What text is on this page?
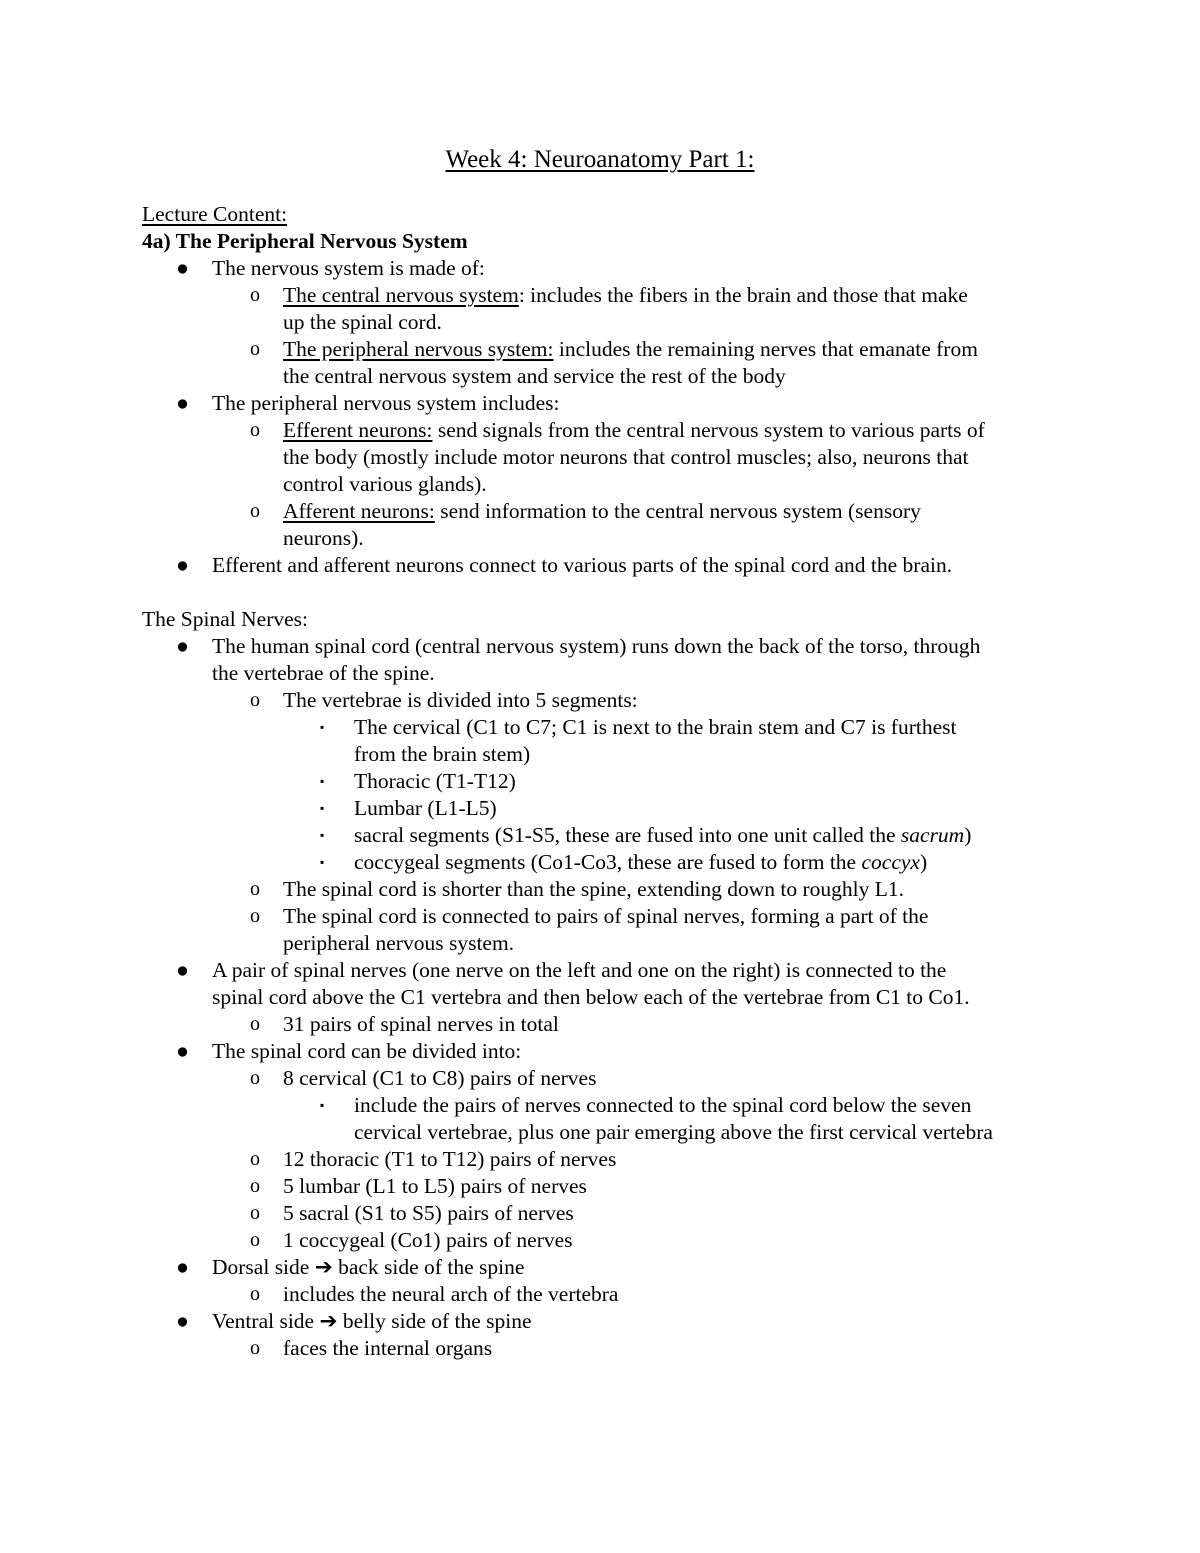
Week 4: Neuroanatomy Part 1:
Lecture Content:
4a) The Peripheral Nervous System
● The nervous system is made of:
o The central nervous system: includes the fibers in the brain and those that make
up the spinal cord.
o The peripheral nervous system: includes the remaining nerves that emanate from
the central nervous system and service the rest of the body
● The peripheral nervous system includes:
o Efferent neurons: send signals from the central nervous system to various parts of
the body (mostly include motor neurons that control muscles; also, neurons that
control various glands).
o Afferent neurons: send information to the central nervous system (sensory
neurons).
● Efferent and afferent neurons connect to various parts of the spinal cord and the brain.
The Spinal Nerves:
● The human spinal cord (central nervous system) runs down the back of the torso, through
the vertebrae of the spine.
o The vertebrae is divided into 5 segments:
▪ The cervical (C1 to C7; C1 is next to the brain stem and C7 is furthest
from the brain stem)
▪ Thoracic (T1-T12)
▪ Lumbar (L1-L5)
▪ sacral segments (S1-S5, these are fused into one unit called the sacrum)
▪ coccygeal segments (Co1-Co3, these are fused to form the coccyx)
o The spinal cord is shorter than the spine, extending down to roughly L1.
o The spinal cord is connected to pairs of spinal nerves, forming a part of the
peripheral nervous system.
● A pair of spinal nerves (one nerve on the left and one on the right) is connected to the
spinal cord above the C1 vertebra and then below each of the vertebrae from C1 to Co1.
o 31 pairs of spinal nerves in total
● The spinal cord can be divided into:
o 8 cervical (C1 to C8) pairs of nerves
▪ include the pairs of nerves connected to the spinal cord below the seven
cervical vertebrae, plus one pair emerging above the first cervical vertebra
o 12 thoracic (T1 to T12) pairs of nerves
o 5 lumbar (L1 to L5) pairs of nerves
o 5 sacral (S1 to S5) pairs of nerves
o 1 coccygeal (Co1) pairs of nerves
● Dorsal side ➔ back side of the spine
o includes the neural arch of the vertebra
● Ventral side ➔ belly side of the spine
o faces the internal organs
